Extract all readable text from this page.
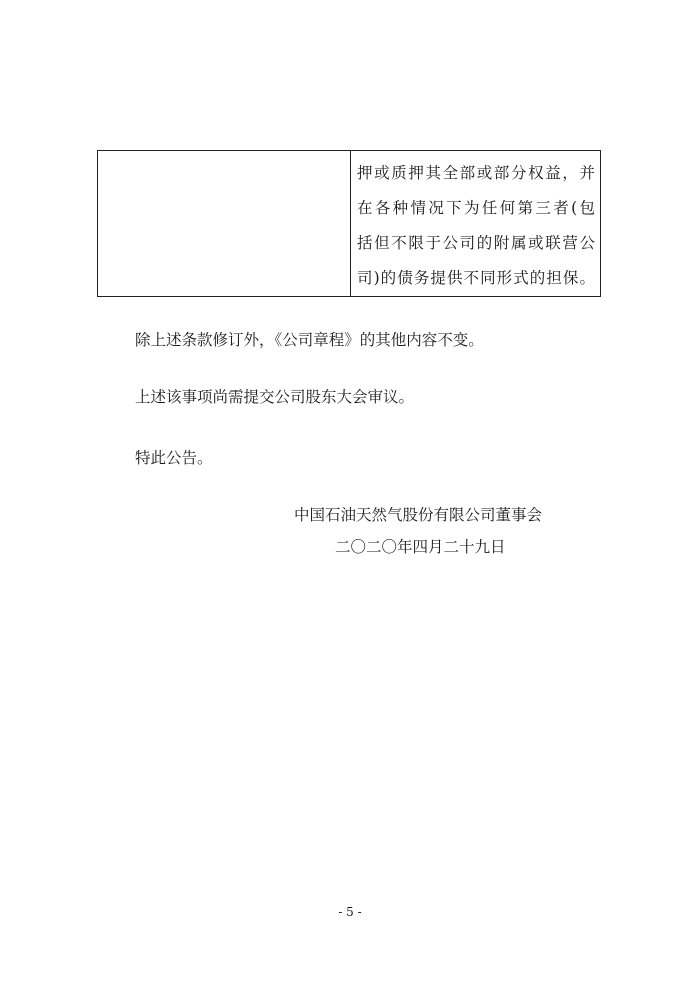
押或质押其全部或部分权益，并
在各种情况下为任何第三者(包
括但不限于公司的附属或联营公
司)的债务提供不同形式的担保。
除上述条款修订外，《公司章程》的其他内容不变。
上述该事项尚需提交公司股东大会审议。
特此公告。
中国石油天然气股份有限公司董事会
二〇二〇年四月二十九日
- 5 -
